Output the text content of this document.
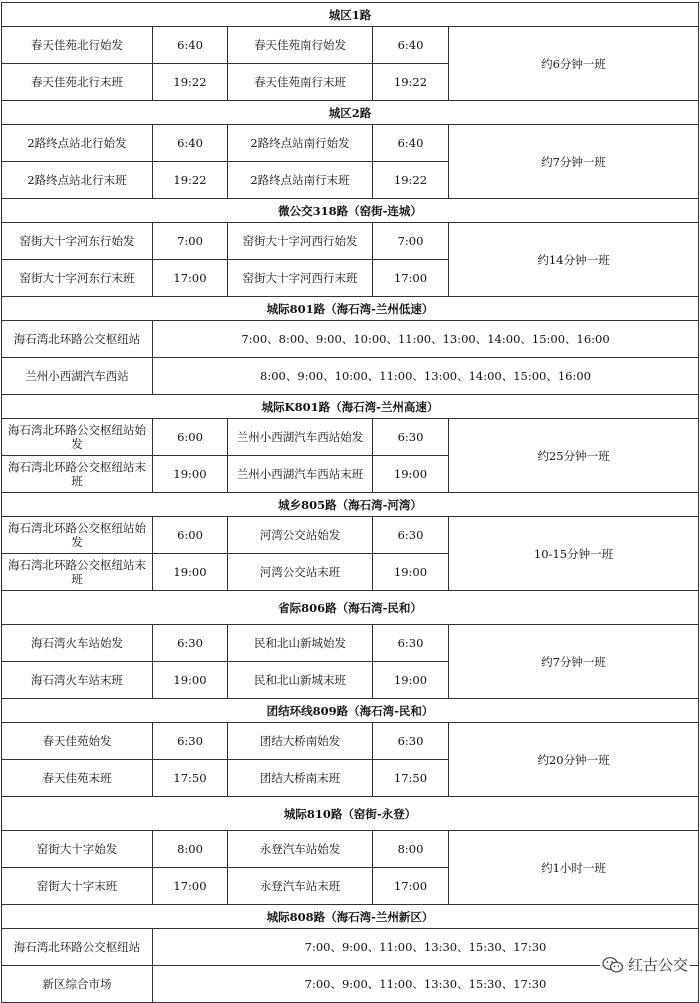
城区1路				
春天佳苑北行始发	6:40	春天佳苑南行始发	6:40	约6分钟一班
春天佳苑北行末班	19:22	春天佳苑南行末班	19:22	
城区2路				
2路终点站北行始发	6:40	2路终点站南行始发	6:40	约7分钟一班
2路终点站北行末班	19:22	2路终点站南行末班	19:22	
微公交318路（窑街-连城）				
窑街大十字河东行始发	7:00	窑街大十字河西行始发	7:00	约14分钟一班
窑街大十字河东行末班	17:00	窑街大十字河西行末班	17:00	
城际801路（海石湾-兰州低速）				
海石湾北环路公交枢纽站	7:00、8:00、9:00、10:00、11:00、13:00、14:00、15:00、16:00			
兰州小西湖汽车西站	8:00、9:00、10:00、11:00、13:00、14:00、15:00、16:00			
城际K801路（海石湾-兰州高速）				
海石湾北环路公交枢纽站始发	6:00	兰州小西湖汽车西站始发	6:30	约25分钟一班
海石湾北环路公交枢纽站末班	19:00	兰州小西湖汽车西站末班	19:00	
城乡805路（海石湾-河湾）				
海石湾北环路公交枢纽站始发	6:00	河湾公交站始发	6:30	10-15分钟一班
海石湾北环路公交枢纽站末班	19:00	河湾公交站末班	19:00	
省际806路（海石湾-民和）				
海石湾火车站始发	6:30	民和北山新城始发	6:30	约7分钟一班
海石湾火车站末班	19:00	民和北山新城末班	19:00	
团结环线809路（海石湾-民和）				
春天佳苑始发	6:30	团结大桥南始发	6:30	约20分钟一班
春天佳苑末班	17:50	团结大桥南末班	17:50	
城际810路（窑街-永登）				
窑街大十字始发	8:00	永登汽车站始发	8:00	约1小时一班
窑街大十字末班	17:00	永登汽车站末班	17:00	
城际808路（海石湾-兰州新区）				
海石湾北环路公交枢纽站	7:00、9:00、11:00、13:30、15:30、17:30			
新区综合市场	7:00、9:00、11:00、13:30、15:30、17:30			
红古公交
